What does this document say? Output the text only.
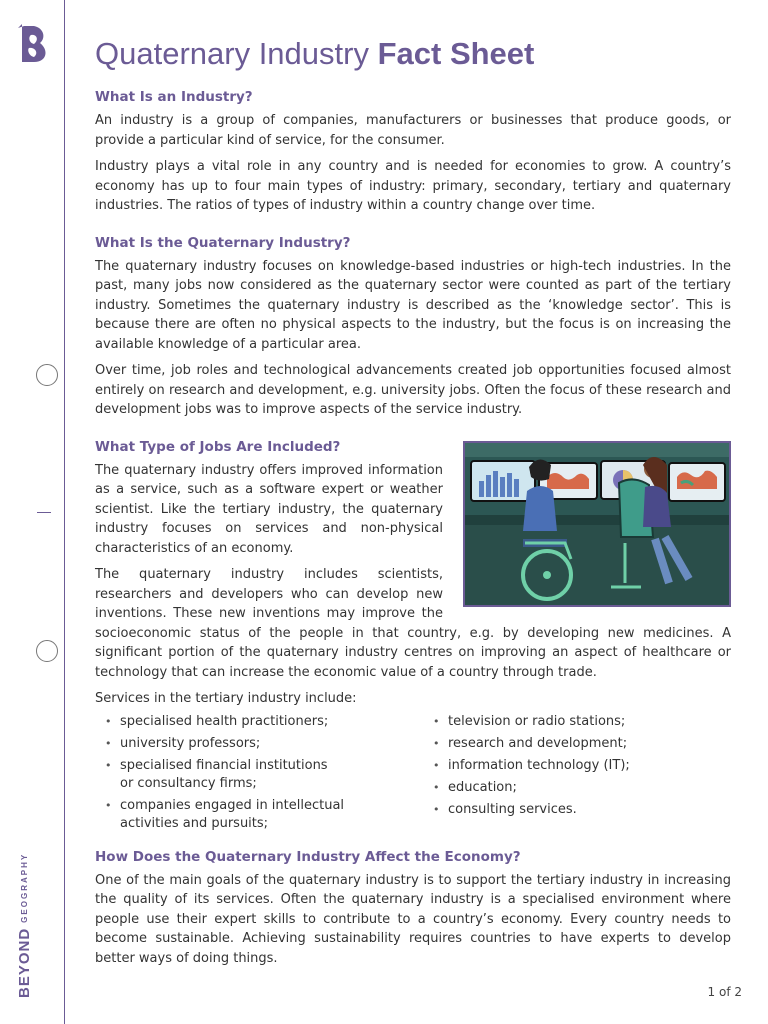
BEYONDGEOGRAPHY
Quaternary Industry Fact Sheet
What Is an Industry?

An industry is a group of companies, manufacturers or businesses that produce goods, or provide a particular kind of service, for the consumer.

Industry plays a vital role in any country and is needed for economies to grow. A country’s economy has up to four main types of industry: primary, secondary, tertiary and quaternary industries. The ratios of types of industry within a country change over time.

What Is the Quaternary Industry?

The quaternary industry focuses on knowledge-based industries or high-tech industries. In the past, many jobs now considered as the quaternary sector were counted as part of the tertiary industry. Sometimes the quaternary industry is described as the ‘knowledge sector’. This is because there are often no physical aspects to the industry, but the focus is on increasing the available knowledge of a particular area.

Over time, job roles and technological advancements created job opportunities focused almost entirely on research and development, e.g. university jobs. Often the focus of these research and development jobs was to improve aspects of the service industry.

What Type of Jobs Are Included?

The quaternary industry offers improved information as a service, such as a software expert or weather scientist. Like the tertiary industry, the quaternary industry focuses on services and non-physical characteristics of an economy.

The quaternary industry includes scientists, researchers and developers who can develop new inventions. These new inventions may improve the socioeconomic status of the people in that country, e.g. by developing new medicines. A significant portion of the quaternary industry centres on improving an aspect of healthcare or technology that can increase the economic value of a country through trade.

Services in the tertiary industry include:
• specialised health practitioners;
• university professors;
• specialised financial institutions or consultancy firms;
• companies engaged in intellectual activities and pursuits;
• television or radio stations;
• research and development;
• information technology (IT);
• education;
• consulting services.
How Does the Quaternary Industry Affect the Economy?

One of the main goals of the quaternary industry is to support the tertiary industry in increasing the quality of its services. Often the quaternary industry is a specialised environment where people use their expert skills to contribute to a country’s economy. Every country needs to become sustainable. Achieving sustainability requires countries to have experts to develop better ways of doing things.

1 of 2
